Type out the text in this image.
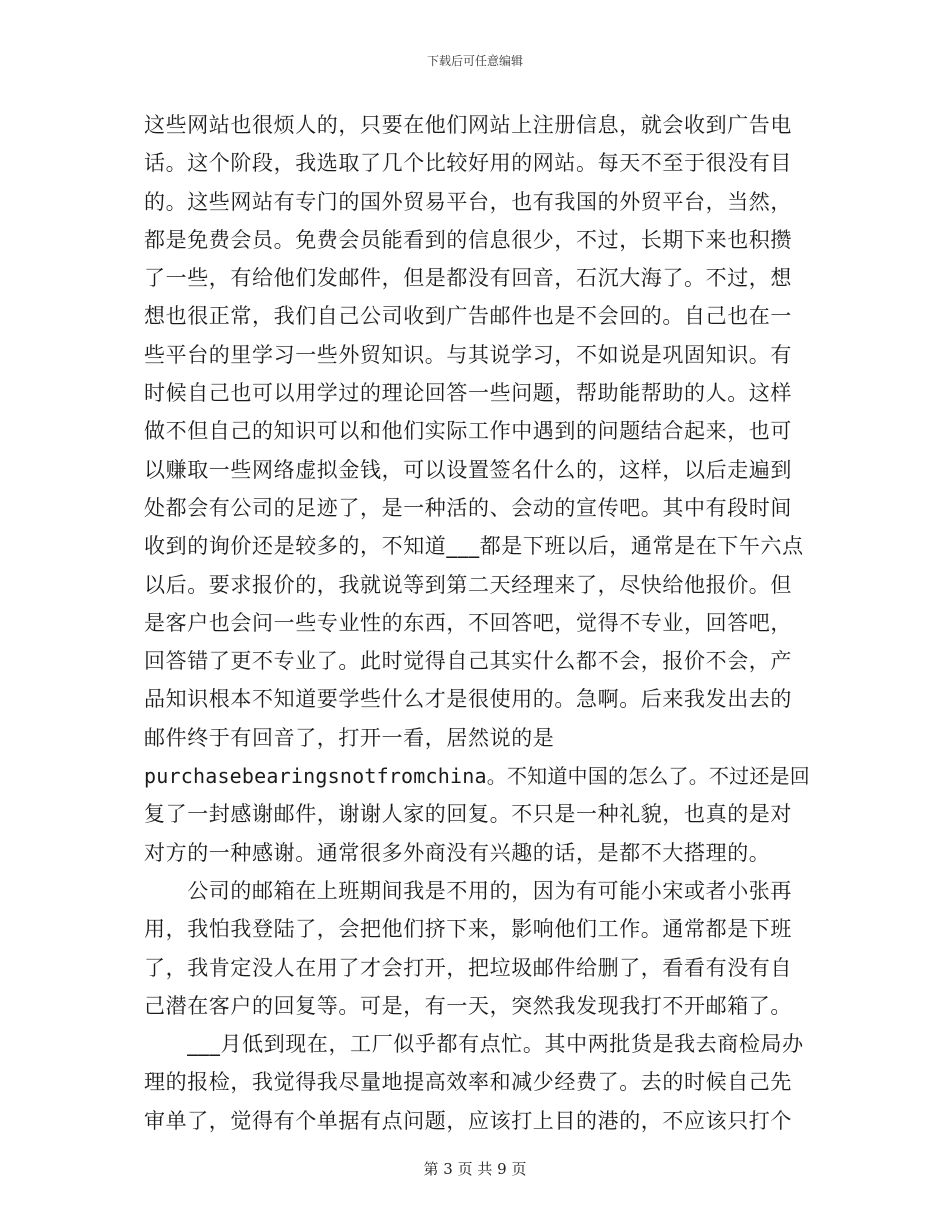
下载后可任意编辑
这些网站也很烦人的，只要在他们网站上注册信息，就会收到广告电
话。这个阶段，我选取了几个比较好用的网站。每天不至于很没有目
的。这些网站有专门的国外贸易平台，也有我国的外贸平台，当然，
都是免费会员。免费会员能看到的信息很少，不过，长期下来也积攒
了一些，有给他们发邮件，但是都没有回音，石沉大海了。不过，想
想也很正常，我们自己公司收到广告邮件也是不会回的。自己也在一
些平台的里学习一些外贸知识。与其说学习，不如说是巩固知识。有
时候自己也可以用学过的理论回答一些问题，帮助能帮助的人。这样
做不但自己的知识可以和他们实际工作中遇到的问题结合起来，也可
以赚取一些网络虚拟金钱，可以设置签名什么的，这样，以后走遍到
处都会有公司的足迹了，是一种活的、会动的宣传吧。其中有段时间
收到的询价还是较多的，不知道___都是下班以后，通常是在下午六点
以后。要求报价的，我就说等到第二天经理来了，尽快给他报价。但
是客户也会问一些专业性的东西，不回答吧，觉得不专业，回答吧，
回答错了更不专业了。此时觉得自己其实什么都不会，报价不会，产
品知识根本不知道要学些什么才是很使用的。急啊。后来我发出去的
邮件终于有回音了，打开一看，居然说的是
purchasebearingsnotfromchina。不知道中国的怎么了。不过还是回
复了一封感谢邮件，谢谢人家的回复。不只是一种礼貌，也真的是对
对方的一种感谢。通常很多外商没有兴趣的话，是都不大搭理的。
　　公司的邮箱在上班期间我是不用的，因为有可能小宋或者小张再
用，我怕我登陆了，会把他们挤下来，影响他们工作。通常都是下班
了，我肯定没人在用了才会打开，把垃圾邮件给删了，看看有没有自
己潜在客户的回复等。可是，有一天，突然我发现我打不开邮箱了。
　　___月低到现在，工厂似乎都有点忙。其中两批货是我去商检局办
理的报检，我觉得我尽量地提高效率和减少经费了。去的时候自己先
审单了，觉得有个单据有点问题，应该打上目的港的，不应该只打个
第 3 页 共 9 页
